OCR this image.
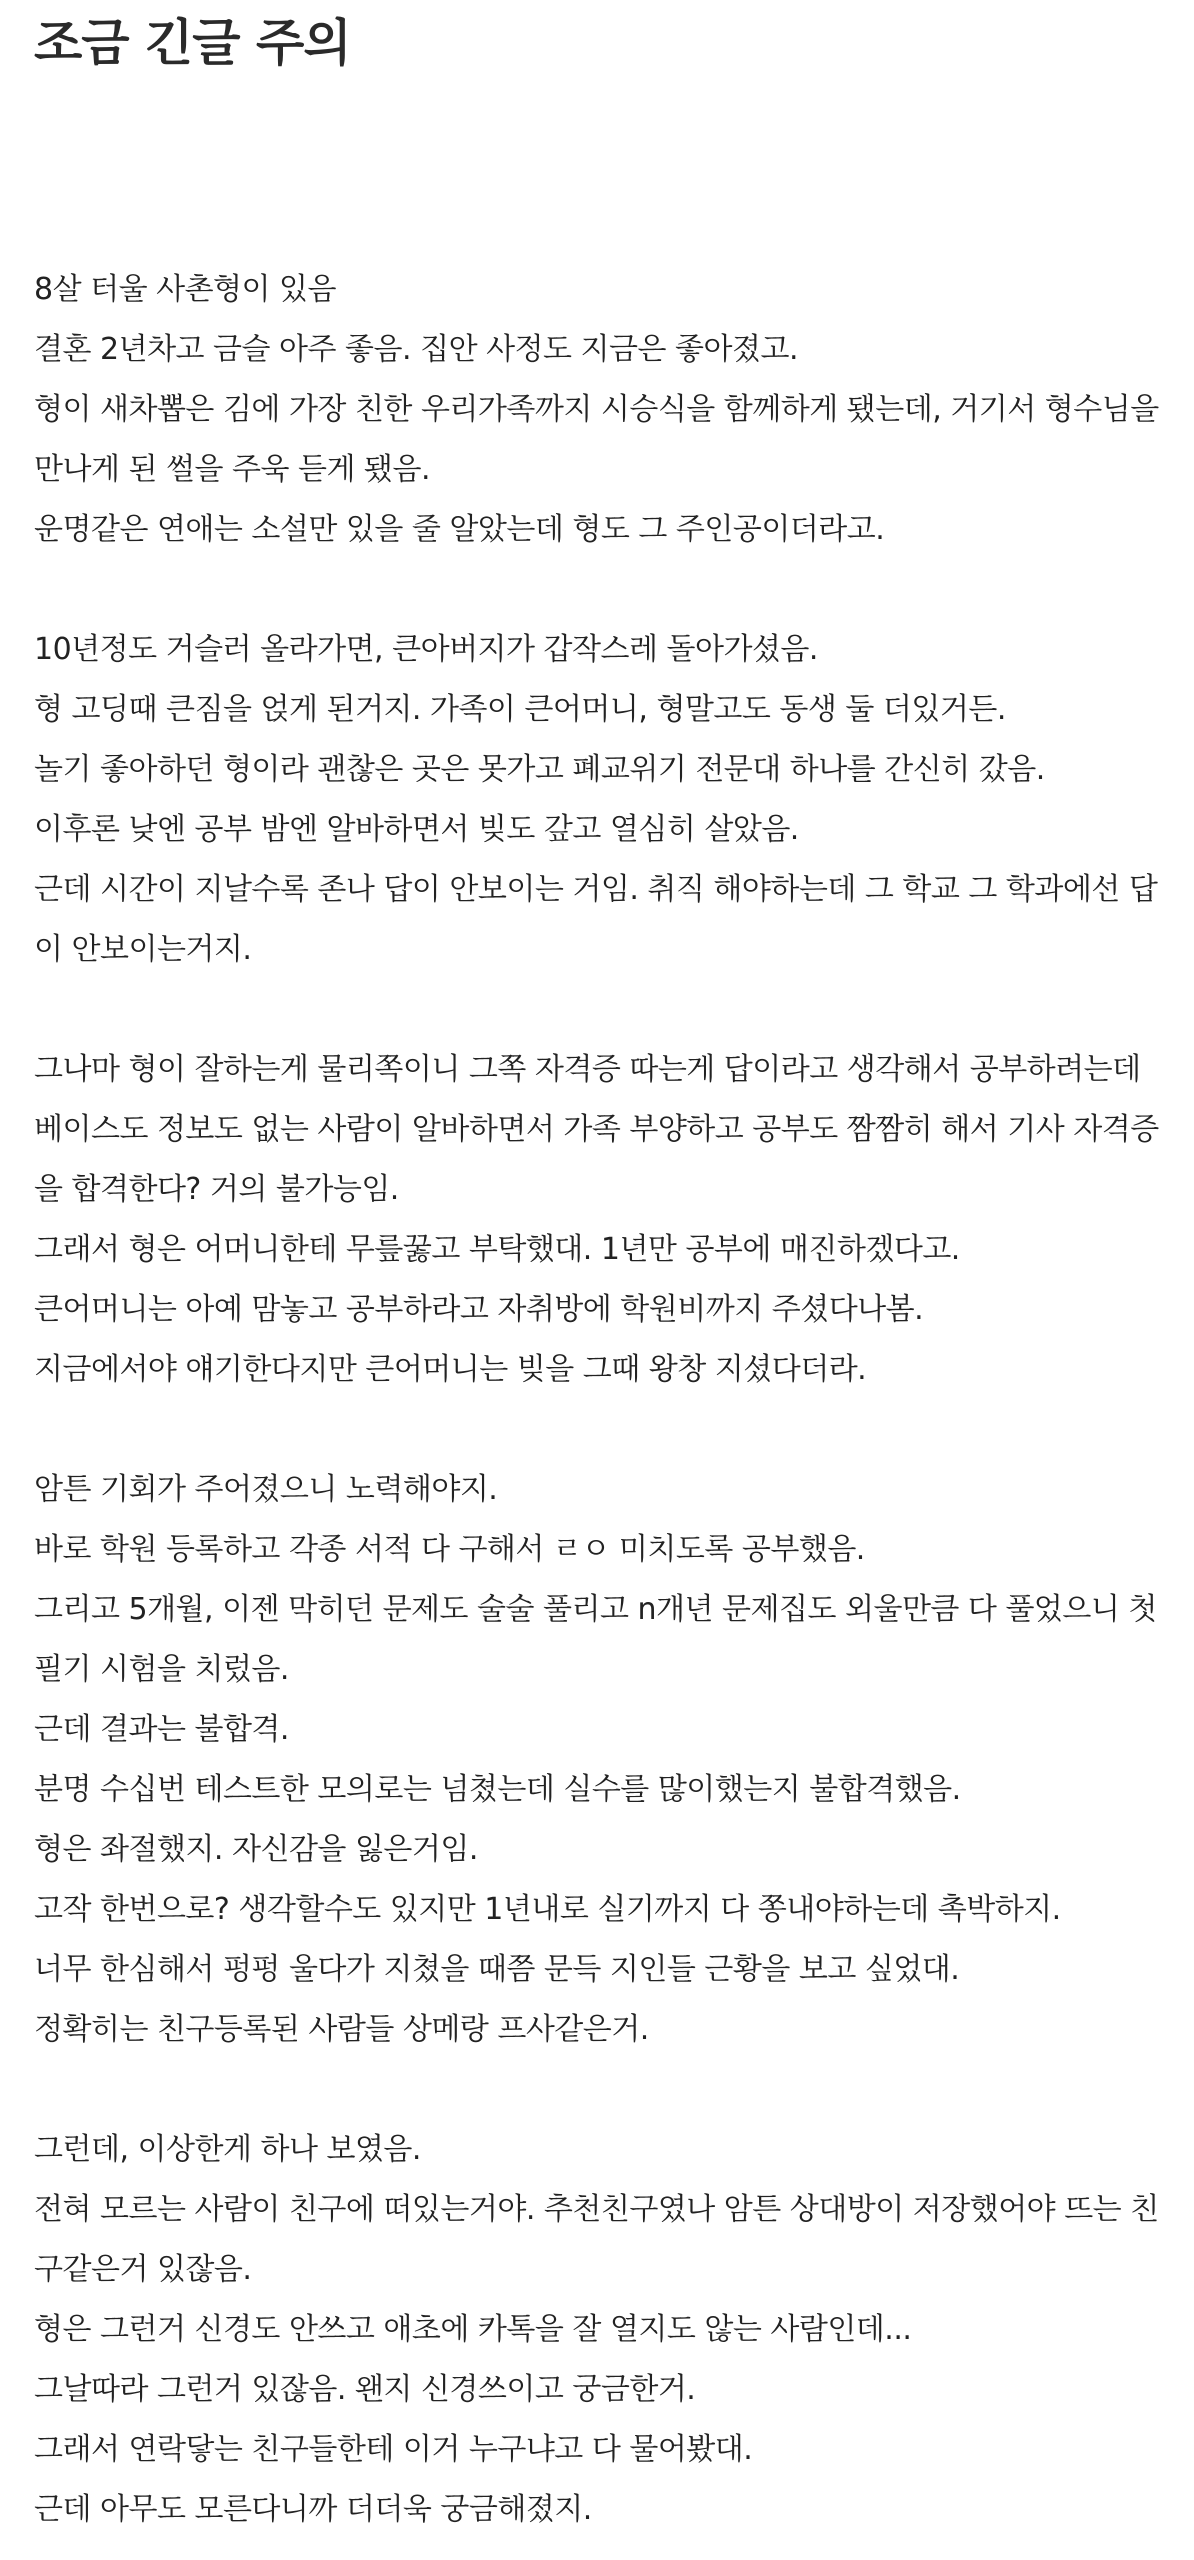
조금 긴글 주의

8살 터울 사촌형이 있음

결혼 2년차고 금슬 아주 좋음. 집안 사정도 지금은 좋아졌고.

형이 새차뽑은 김에 가장 친한 우리가족까지 시승식을 함께하게 됐는데, 거기서 형수님을

만나게 된 썰을 주욱 듣게 됐음.

운명같은 연애는 소설만 있을 줄 알았는데 형도 그 주인공이더라고.

10년정도 거슬러 올라가면, 큰아버지가 갑작스레 돌아가셨음.

형 고딩때 큰짐을 얹게 된거지. 가족이 큰어머니, 형말고도 동생 둘 더있거든.

놀기 좋아하던 형이라 괜찮은 곳은 못가고 폐교위기 전문대 하나를 간신히 갔음.

이후론 낮엔 공부 밤엔 알바하면서 빚도 갚고 열심히 살았음.

근데 시간이 지날수록 존나 답이 안보이는 거임. 취직 해야하는데 그 학교 그 학과에선 답

이 안보이는거지.

그나마 형이 잘하는게 물리쪽이니 그쪽 자격증 따는게 답이라고 생각해서 공부하려는데

베이스도 정보도 없는 사람이 알바하면서 가족 부양하고 공부도 짬짬히 해서 기사 자격증

을 합격한다? 거의 불가능임.

그래서 형은 어머니한테 무릎꿇고 부탁했대. 1년만 공부에 매진하겠다고.

큰어머니는 아예 맘놓고 공부하라고 자취방에 학원비까지 주셨다나봄.

지금에서야 얘기한다지만 큰어머니는 빚을 그때 왕창 지셨다더라.

암튼 기회가 주어졌으니 노력해야지.

바로 학원 등록하고 각종 서적 다 구해서 ㄹㅇ 미치도록 공부했음.

그리고 5개월, 이젠 막히던 문제도 술술 풀리고 n개년 문제집도 외울만큼 다 풀었으니 첫

필기 시험을 치렀음.

근데 결과는 불합격.

분명 수십번 테스트한 모의로는 넘쳤는데 실수를 많이했는지 불합격했음.

형은 좌절했지. 자신감을 잃은거임.

고작 한번으로? 생각할수도 있지만 1년내로 실기까지 다 쫑내야하는데 촉박하지.

너무 한심해서 펑펑 울다가 지쳤을 때쯤 문득 지인들 근황을 보고 싶었대.

정확히는 친구등록된 사람들 상메랑 프사같은거.

그런데, 이상한게 하나 보였음.

전혀 모르는 사람이 친구에 떠있는거야. 추천친구였나 암튼 상대방이 저장했어야 뜨는 친

구같은거 있잖음.

형은 그런거 신경도 안쓰고 애초에 카톡을 잘 열지도 않는 사람인데...

그날따라 그런거 있잖음. 왠지 신경쓰이고 궁금한거.

그래서 연락닿는 친구들한테 이거 누구냐고 다 물어봤대.

근데 아무도 모른다니까 더더욱 궁금해졌지.
